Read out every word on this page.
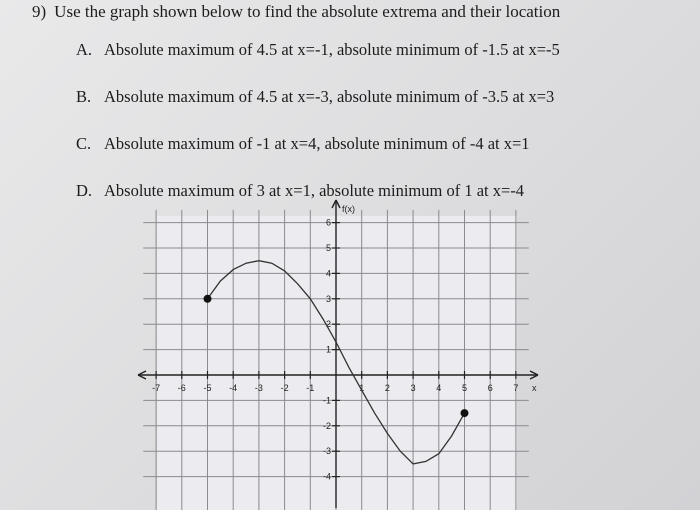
9) Use the graph shown below to find the absolute extrema and their location
A. Absolute maximum of 4.5 at x=-1, absolute minimum of -1.5 at x=-5
B. Absolute maximum of 4.5 at x=-3, absolute minimum of -3.5 at x=3
C. Absolute maximum of -1 at x=4, absolute minimum of -4 at x=1
D. Absolute maximum of 3 at x=1, absolute minimum of 1 at x=-4
-7 -6 -5 -4 -3 -2 -1	1 2 3 4 5 6 7
-4
-3
-2
-1
1
2
3
4
5
6
f(x)
x
